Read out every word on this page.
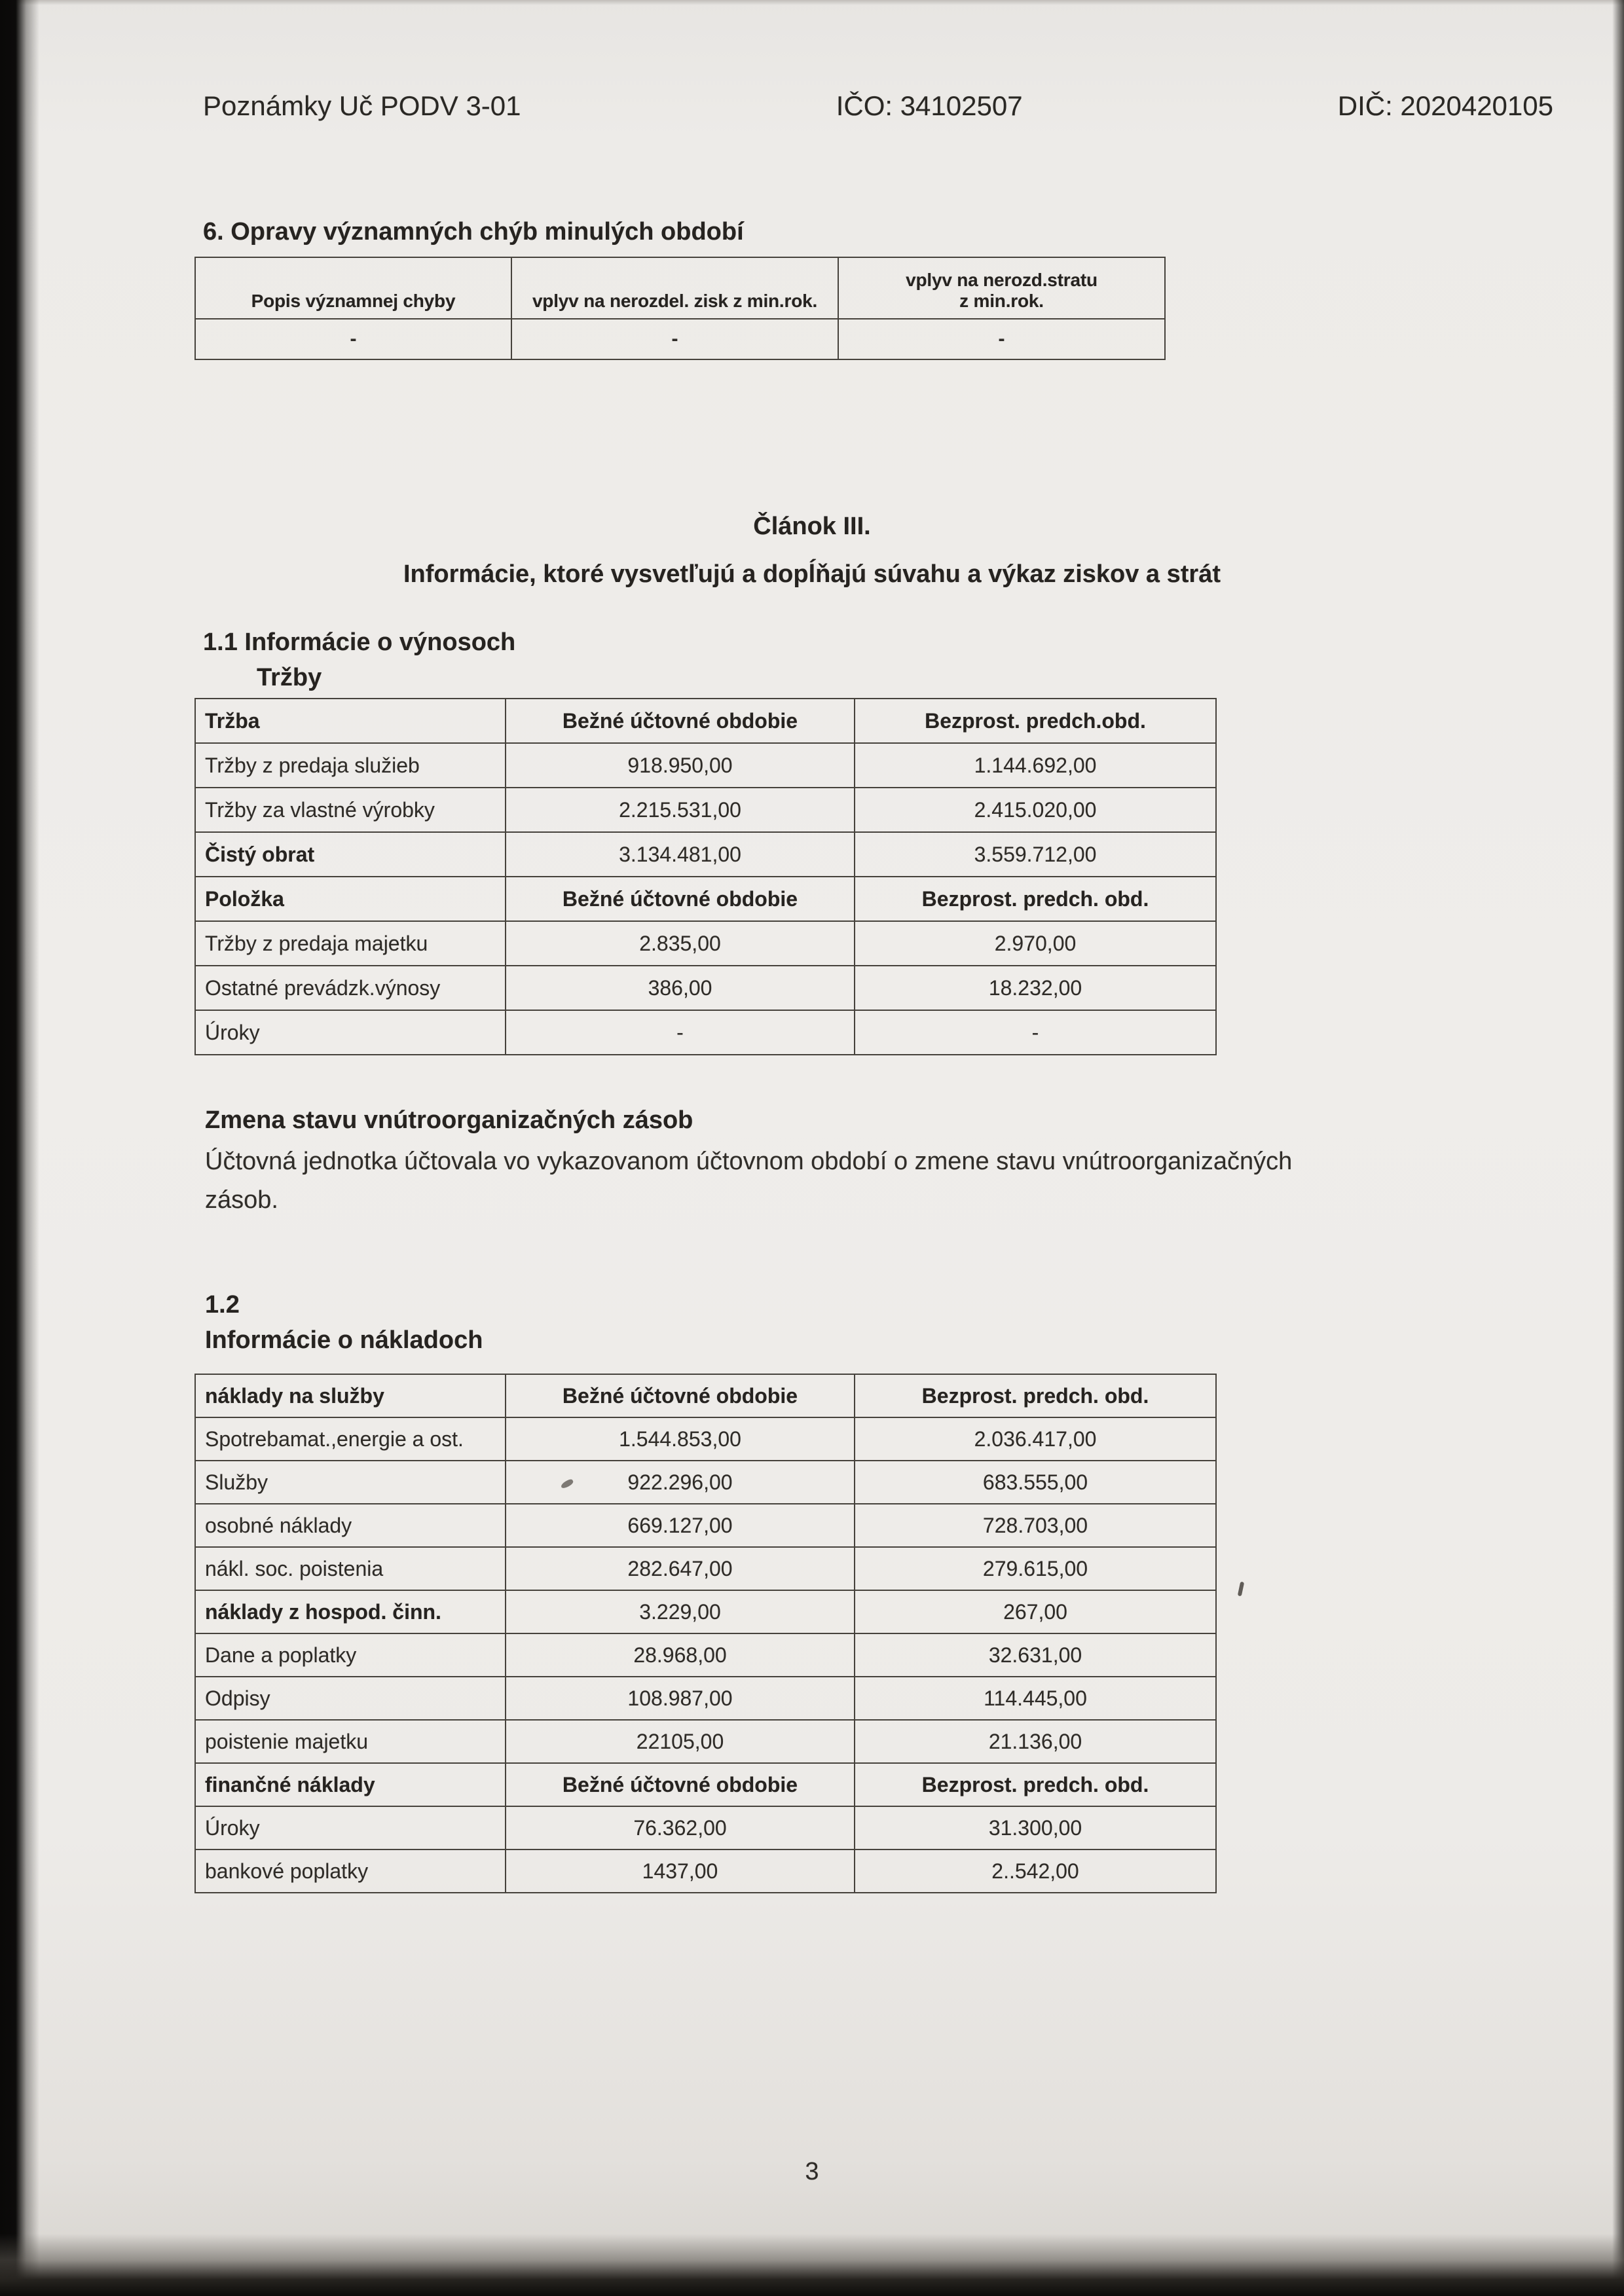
Poznámky Uč PODV 3-01	IČO: 34102507	DIČ: 2020420105
6. Opravy významných chýb minulých období
Popis významnej chyby	vplyv na nerozdel. zisk z min.rok.	vplyv na nerozd.stratu
z min.rok.

-	-	-
Článok III.
Informácie, ktoré vysvetľujú a dopĺňajú súvahu a výkaz ziskov a strát
1.1 Informácie o výnosoch
Tržby
Tržba	Bežné účtovné obdobie	Bezprost. predch.obd.
Tržby z predaja služieb	918.950,00	1.144.692,00
Tržby za vlastné výrobky	2.215.531,00	2.415.020,00
Čistý obrat	3.134.481,00	3.559.712,00
Položka	Bežné účtovné obdobie	Bezprost. predch. obd.
Tržby z predaja majetku	2.835,00	2.970,00
Ostatné prevádzk.výnosy	386,00	18.232,00
Úroky	-	-
Zmena stavu vnútroorganizačných zásob

Účtovná jednotka účtovala vo vykazovanom účtovnom období o zmene stavu vnútroorganizačných zásob.

1.2
Informácie o nákladoch
náklady na služby	Bežné účtovné obdobie	Bezprost. predch. obd.
Spotrebamat.,energie a ost.	1.544.853,00	2.036.417,00
Služby	922.296,00	683.555,00
osobné náklady	669.127,00	728.703,00
nákl. soc. poistenia	282.647,00	279.615,00
náklady z hospod. činn.	3.229,00	267,00
Dane a poplatky	28.968,00	32.631,00
Odpisy	108.987,00	114.445,00
poistenie majetku	22105,00	21.136,00
finančné náklady	Bežné účtovné obdobie	Bezprost. predch. obd.
Úroky	76.362,00	31.300,00
bankové poplatky	1437,00	2..542,00
3
